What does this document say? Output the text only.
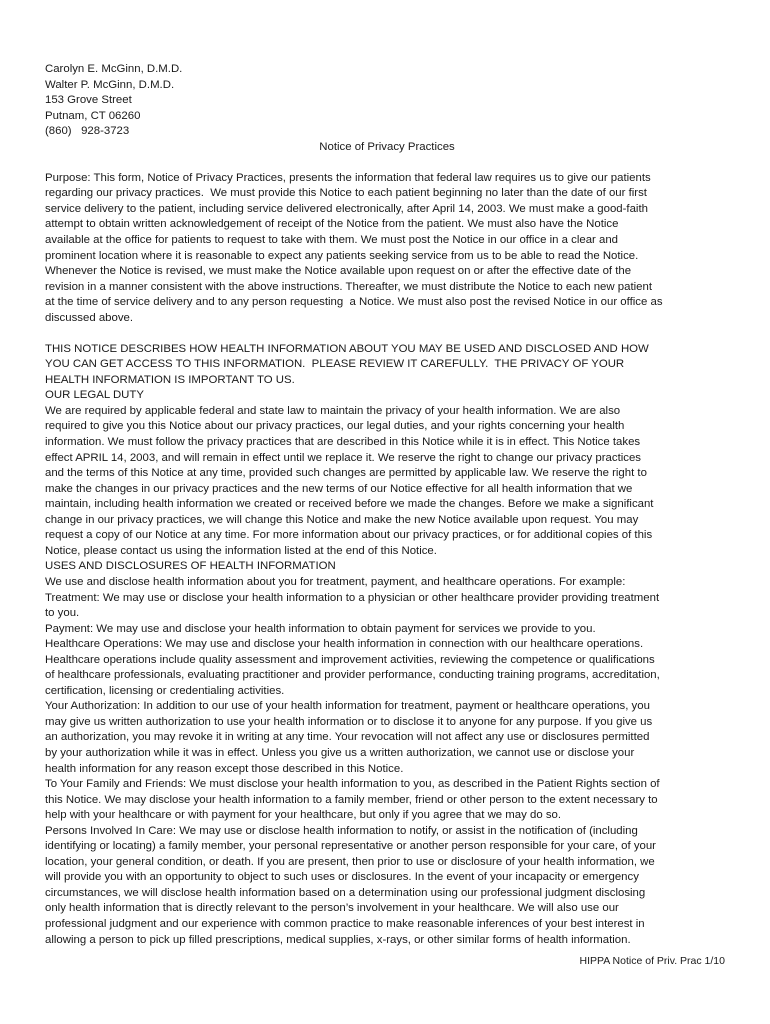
Carolyn E. McGinn, D.M.D.
Walter P. McGinn, D.M.D.
153 Grove Street
Putnam, CT 06260
(860)   928-3723
Notice of Privacy Practices
Purpose: This form, Notice of Privacy Practices, presents the information that federal law requires us to give our patients
regarding our privacy practices.  We must provide this Notice to each patient beginning no later than the date of our first
service delivery to the patient, including service delivered electronically, after April 14, 2003. We must make a good-faith
attempt to obtain written acknowledgement of receipt of the Notice from the patient. We must also have the Notice
available at the office for patients to request to take with them. We must post the Notice in our office in a clear and
prominent location where it is reasonable to expect any patients seeking service from us to be able to read the Notice.
Whenever the Notice is revised, we must make the Notice available upon request on or after the effective date of the
revision in a manner consistent with the above instructions. Thereafter, we must distribute the Notice to each new patient
at the time of service delivery and to any person requesting  a Notice. We must also post the revised Notice in our office as
discussed above.
THIS NOTICE DESCRIBES HOW HEALTH INFORMATION ABOUT YOU MAY BE USED AND DISCLOSED AND HOW
YOU CAN GET ACCESS TO THIS INFORMATION.  PLEASE REVIEW IT CAREFULLY.  THE PRIVACY OF YOUR
HEALTH INFORMATION IS IMPORTANT TO US.
OUR LEGAL DUTY
We are required by applicable federal and state law to maintain the privacy of your health information. We are also
required to give you this Notice about our privacy practices, our legal duties, and your rights concerning your health
information. We must follow the privacy practices that are described in this Notice while it is in effect. This Notice takes
effect APRIL 14, 2003, and will remain in effect until we replace it. We reserve the right to change our privacy practices
and the terms of this Notice at any time, provided such changes are permitted by applicable law. We reserve the right to
make the changes in our privacy practices and the new terms of our Notice effective for all health information that we
maintain, including health information we created or received before we made the changes. Before we make a significant
change in our privacy practices, we will change this Notice and make the new Notice available upon request. You may
request a copy of our Notice at any time. For more information about our privacy practices, or for additional copies of this
Notice, please contact us using the information listed at the end of this Notice.
USES AND DISCLOSURES OF HEALTH INFORMATION
We use and disclose health information about you for treatment, payment, and healthcare operations. For example:
Treatment: We may use or disclose your health information to a physician or other healthcare provider providing treatment
to you.
Payment: We may use and disclose your health information to obtain payment for services we provide to you.
Healthcare Operations: We may use and disclose your health information in connection with our healthcare operations.
Healthcare operations include quality assessment and improvement activities, reviewing the competence or qualifications
of healthcare professionals, evaluating practitioner and provider performance, conducting training programs, accreditation,
certification, licensing or credentialing activities.
Your Authorization: In addition to our use of your health information for treatment, payment or healthcare operations, you
may give us written authorization to use your health information or to disclose it to anyone for any purpose. If you give us
an authorization, you may revoke it in writing at any time. Your revocation will not affect any use or disclosures permitted
by your authorization while it was in effect. Unless you give us a written authorization, we cannot use or disclose your
health information for any reason except those described in this Notice.
To Your Family and Friends: We must disclose your health information to you, as described in the Patient Rights section of
this Notice. We may disclose your health information to a family member, friend or other person to the extent necessary to
help with your healthcare or with payment for your healthcare, but only if you agree that we may do so.
Persons Involved In Care: We may use or disclose health information to notify, or assist in the notification of (including
identifying or locating) a family member, your personal representative or another person responsible for your care, of your
location, your general condition, or death. If you are present, then prior to use or disclosure of your health information, we
will provide you with an opportunity to object to such uses or disclosures. In the event of your incapacity or emergency
circumstances, we will disclose health information based on a determination using our professional judgment disclosing
only health information that is directly relevant to the person’s involvement in your healthcare. We will also use our
professional judgment and our experience with common practice to make reasonable inferences of your best interest in
allowing a person to pick up filled prescriptions, medical supplies, x-rays, or other similar forms of health information.
HIPPA Notice of Priv. Prac 1/10
